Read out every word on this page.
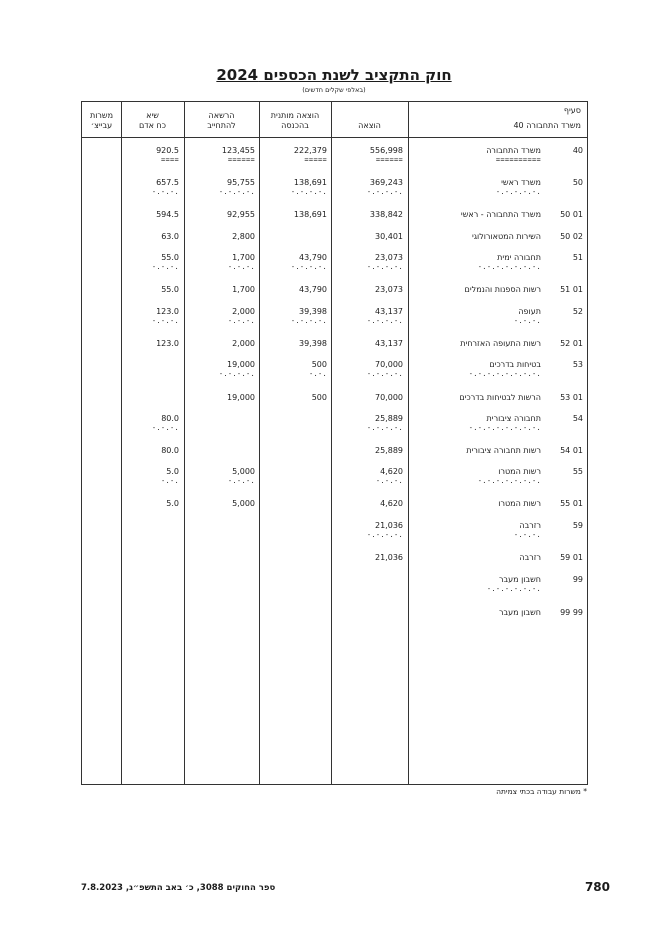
חוק התקציב לשנת הכספים 2024
(באלפי שקלים חדשים)
משרות
עבייצ׳
שיא
כח אדם
הרשאה
להתחייב
הוצאה מותנית
בהכנסה	הוצאה
סעיף
משרד התחבורה 40
40
משרד התחבורה
==========
556,998
======
222,379
=====
123,455
======
920.5
====
50
משרד ראשי
-.-.-.-.-.
369,243
-.-.-.-.
138,691
-.-.-.-.
95,755
-.-.-.-.
657.5
-.-.-.
50 01
משרד התחבורה - ראשי
338,842
138,691
92,955
594.5
50 02
השירות המטאורולוגי
30,401
2,800
63.0
51
תחבורה ימית
-.-.-.-.-.-.-.
23,073
-.-.-.-.
43,790
-.-.-.-.
1,700
-.-.-.
55.0
-.-.-.
51 01
רשות הספנות והנמלים
23,073
43,790
1,700
55.0
52
תעופה
-.-.-.
43,137
-.-.-.-.
39,398
-.-.-.-.
2,000
-.-.-.
123.0
-.-.-.
52 01
רשות התעופה האזרחית
43,137
39,398
2,000
123.0
53
בטיחות בדרכים
-.-.-.-.-.-.-.-.
70,000
-.-.-.-.
500
-.-.
19,000
-.-.-.-.
53 01
הרשות לבטיחות בדרכים
70,000
500
19,000
54
תחבורה ציבורית
-.-.-.-.-.-.-.-.
25,889
-.-.-.-.
80.0
-.-.-.
54 01
רשות תחבורה ציבורית
25,889
80.0
55
רשות המטרו
-.-.-.-.-.-.-.
4,620
-.-.-.
5,000
-.-.-.
5.0
-.-.
55 01
רשות המטרו
4,620
5,000
5.0
59
רזרבה
-.-.-.
21,036
-.-.-.-.
59 01
רזרבה
21,036
99
חשבון מעבר
-.-.-.-.-.-.
99 99
חשבון מעבר
* משרות עבודה בכתי צמיתה
ספר החוקים 3088, כ׳ באב התשפ״ג, 7.8.2023	780
